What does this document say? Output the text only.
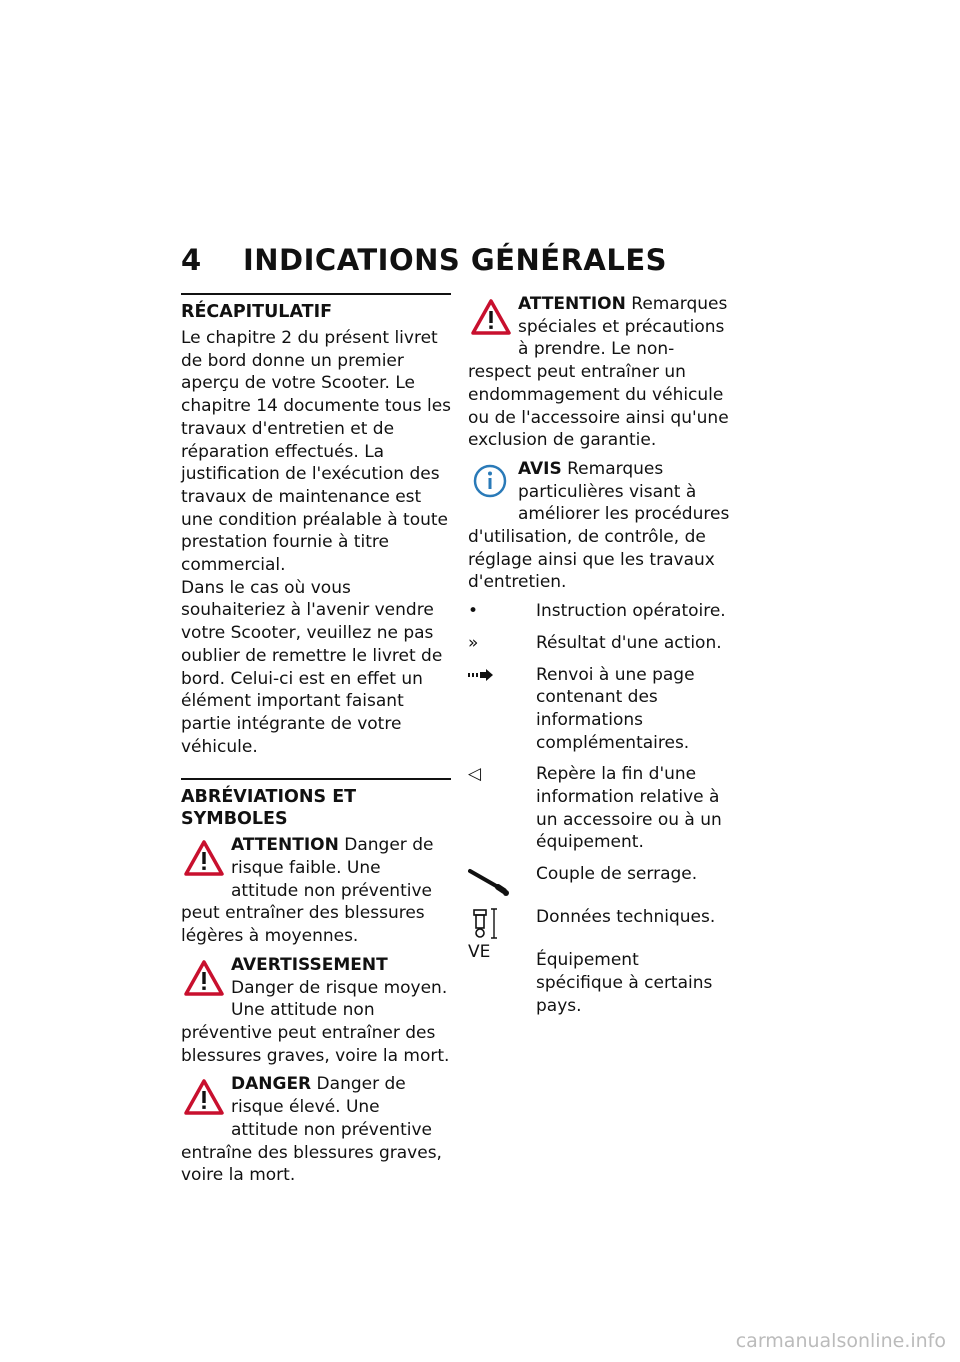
4 INDICATIONS GÉNÉRALES
RÉCAPITULATIF

Le chapitre 2 du présent livret de bord donne un premier aperçu de votre Scooter. Le chapitre 14 documente tous les travaux d'entretien et de réparation effectués. La justification de l'exécution des travaux de maintenance est une condition préalable à toute prestation fournie à titre commercial.

Dans le cas où vous souhaiteriez à l'avenir vendre votre Scooter, veuillez ne pas oublier de remettre le livret de bord. Celui-ci est en effet un élément important faisant partie intégrante de votre véhicule.

ABRÉVIATIONS ET SYMBOLES

ATTENTION Danger de risque faible. Une attitude non préventive peut entraîner des blessures légères à moyennes.

AVERTISSEMENT Danger de risque moyen. Une attitude non préventive peut entraîner des blessures graves, voire la mort.

DANGER Danger de risque élevé. Une attitude non préventive entraîne des blessures graves, voire la mort.

ATTENTION Remarques spéciales et précautions à prendre. Le non-respect peut entraîner un endommagement du véhicule ou de l'accessoire ainsi qu'une exclusion de garantie.

AVIS Remarques particulières visant à améliorer les procédures d'utilisation, de contrôle, de réglage ainsi que les travaux d'entretien.

•	Instruction opératoire.
»	Résultat d'une action.
Renvoi à une page contenant des informations complémentaires.
◁	Repère la fin d'une information relative à un accessoire ou à un équipement.
Couple de serrage.
Données techniques.
VE	Équipement spécifique à certains pays.
carmanualsonline.info
